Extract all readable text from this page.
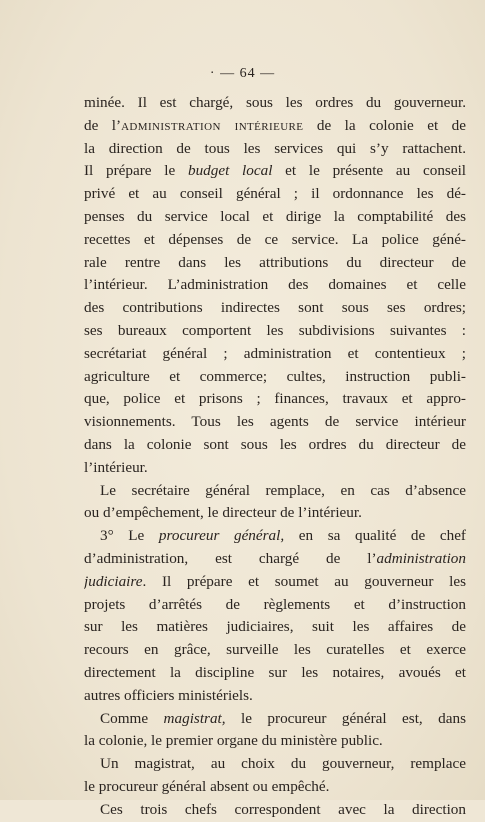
· — 64 —
minée. Il est chargé, sous les ordres du gouverneur.
de l’administration intérieure de la colonie et de
la direction de tous les services qui s’y rattachent.
Il prépare le budget local et le présente au conseil
privé et au conseil général ; il ordonnance les dé-
penses du service local et dirige la comptabilité des
recettes et dépenses de ce service. La police géné-
rale rentre dans les attributions du directeur de
l’intérieur. L’administration des domaines et celle
des contributions indirectes sont sous ses ordres;
ses bureaux comportent les subdivisions suivantes :
secrétariat général ; administration et contentieux ;
agriculture et commerce; cultes, instruction publi-
que, police et prisons ; finances, travaux et appro-
visionnements. Tous les agents de service intérieur
dans la colonie sont sous les ordres du directeur de
l’intérieur.
Le secrétaire général remplace, en cas d’absence
ou d’empêchement, le directeur de l’intérieur.
3° Le procureur général, en sa qualité de chef
d’administration, est chargé de l’administration
judiciaire. Il prépare et soumet au gouverneur les
projets d’arrêtés de règlements et d’instruction
sur les matières judiciaires, suit les affaires de
recours en grâce, surveille les curatelles et exerce
directement la discipline sur les notaires, avoués et
autres officiers ministériels.
Comme magistrat, le procureur général est, dans
la colonie, le premier organe du ministère public.
Un magistrat, au choix du gouverneur, remplace
le procureur général absent ou empêché.
Ces trois chefs correspondent avec la direction
